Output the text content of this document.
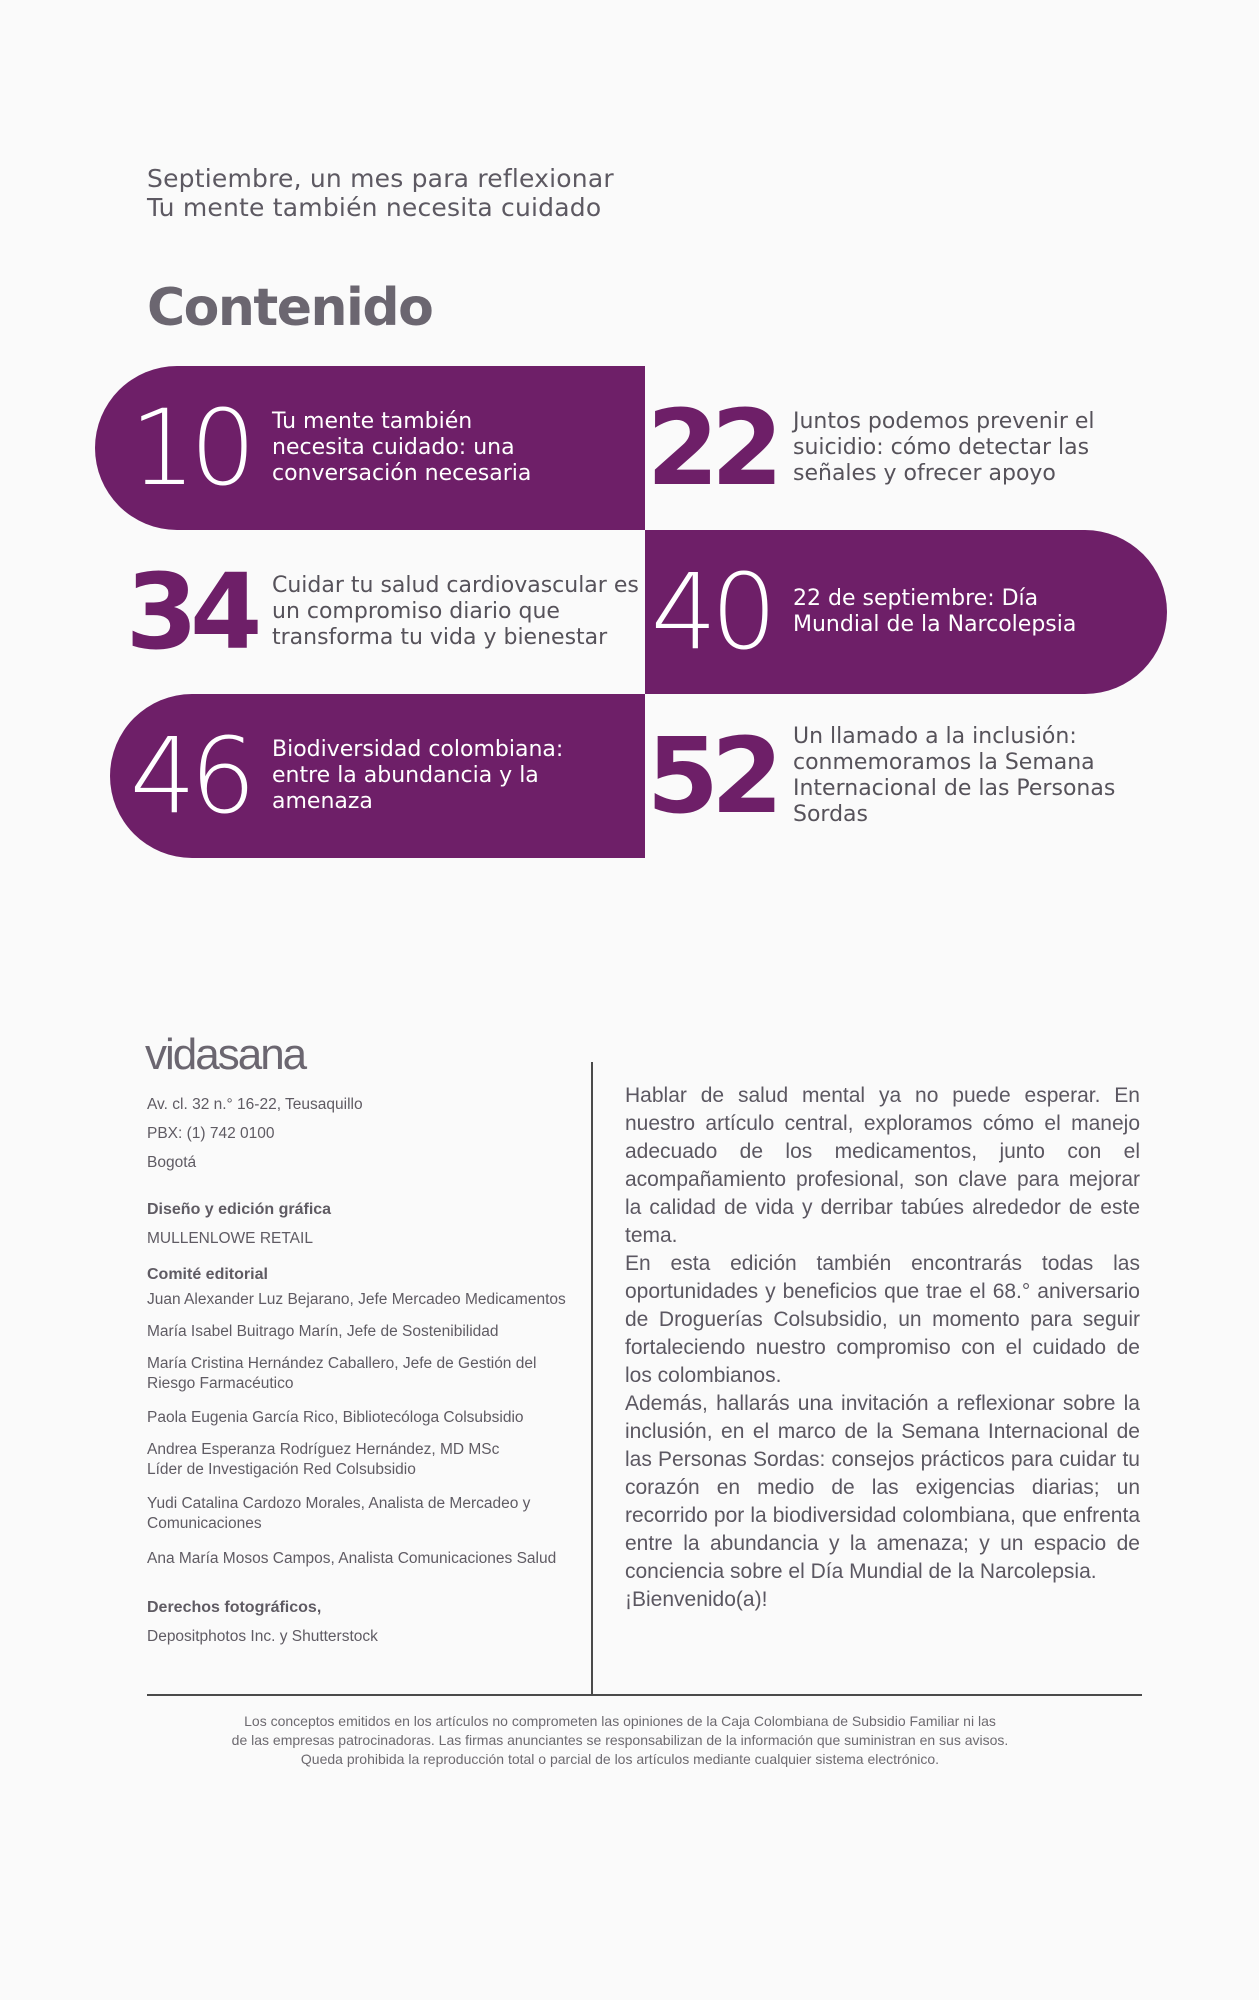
Septiembre, un mes para reflexionar
Tu mente también necesita cuidado
Contenido
10 Tu mente también necesita cuidado: una conversación necesaria 22 Juntos podemos prevenir el suicidio: cómo detectar las señales y ofrecer apoyo
34 Cuidar tu salud cardiovascular es un compromiso diario que transforma tu vida y bienestar 40 22 de septiembre: Día Mundial de la Narcolepsia
46 Biodiversidad colombiana: entre la abundancia y la amenaza	52 Un llamado a la inclusión: conmemoramos la Semana Internacional de las Personas Sordas
vidasana
Av. cl. 32 n.° 16-22, Teusaquillo
PBX: (1) 742 0100
Bogotá
Diseño y edición gráfica
MULLENLOWE RETAIL
Comité editorial
Juan Alexander Luz Bejarano, Jefe Mercadeo Medicamentos
María Isabel Buitrago Marín, Jefe de Sostenibilidad
María Cristina Hernández Caballero, Jefe de Gestión del Riesgo Farmacéutico
Paola Eugenia García Rico, Bibliotecóloga Colsubsidio
Andrea Esperanza Rodríguez Hernández, MD MSc Líder de Investigación Red Colsubsidio
Yudi Catalina Cardozo Morales, Analista de Mercadeo y Comunicaciones
Ana María Mosos Campos, Analista Comunicaciones Salud
Derechos fotográficos,
Depositphotos Inc. y Shutterstock

Hablar de salud mental ya no puede esperar. En nuestro artículo central, exploramos cómo el manejo adecuado de los medicamentos, junto con el acompañamiento profesional, son clave para mejorar la calidad de vida y derribar tabúes alrededor de este tema.

En esta edición también encontrarás todas las oportunidades y beneficios que trae el 68.° aniversario de Droguerías Colsubsidio, un momento para seguir fortaleciendo nuestro compromiso con el cuidado de los colombianos.

Además, hallarás una invitación a reflexionar sobre la inclusión, en el marco de la Semana Internacional de las Personas Sordas: consejos prácticos para cuidar tu corazón en medio de las exigencias diarias; un recorrido por la biodiversidad colombiana, que enfrenta entre la abundancia y la amenaza; y un espacio de conciencia sobre el Día Mundial de la Narcolepsia.

¡Bienvenido(a)!

Los conceptos emitidos en los artículos no comprometen las opiniones de la Caja Colombiana de Subsidio Familiar ni las
de las empresas patrocinadoras. Las firmas anunciantes se responsabilizan de la información que suministran en sus avisos.
Queda prohibida la reproducción total o parcial de los artículos mediante cualquier sistema electrónico.
